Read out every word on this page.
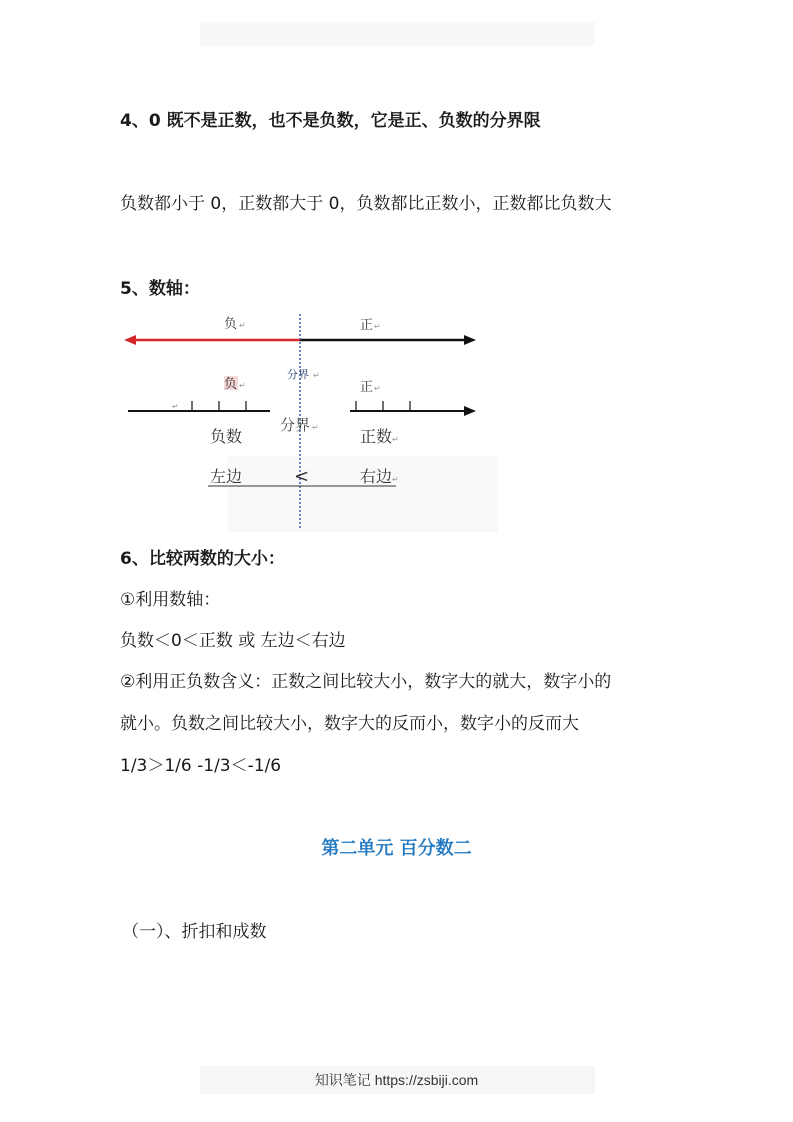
4、0 既不是正数，也不是负数，它是正、负数的分界限
负数都小于 0，正数都大于 0，负数都比正数小，正数都比负数大
5、数轴：
负 ↵	正 ↵
分界 ↵
负 ↵	正 ↵
↵
分界 ↵
负数	正数 ↵
左边	<	右边 ↵
6、比较两数的大小：
①利用数轴：
负数＜0＜正数 或 左边＜右边
②利用正负数含义：正数之间比较大小，数字大的就大，数字小的
就小。负数之间比较大小，数字大的反而小，数字小的反而大
1/3＞1/6 -1/3＜-1/6
第二单元 百分数二
（一）、折扣和成数
知识笔记 https://zsbiji.com
